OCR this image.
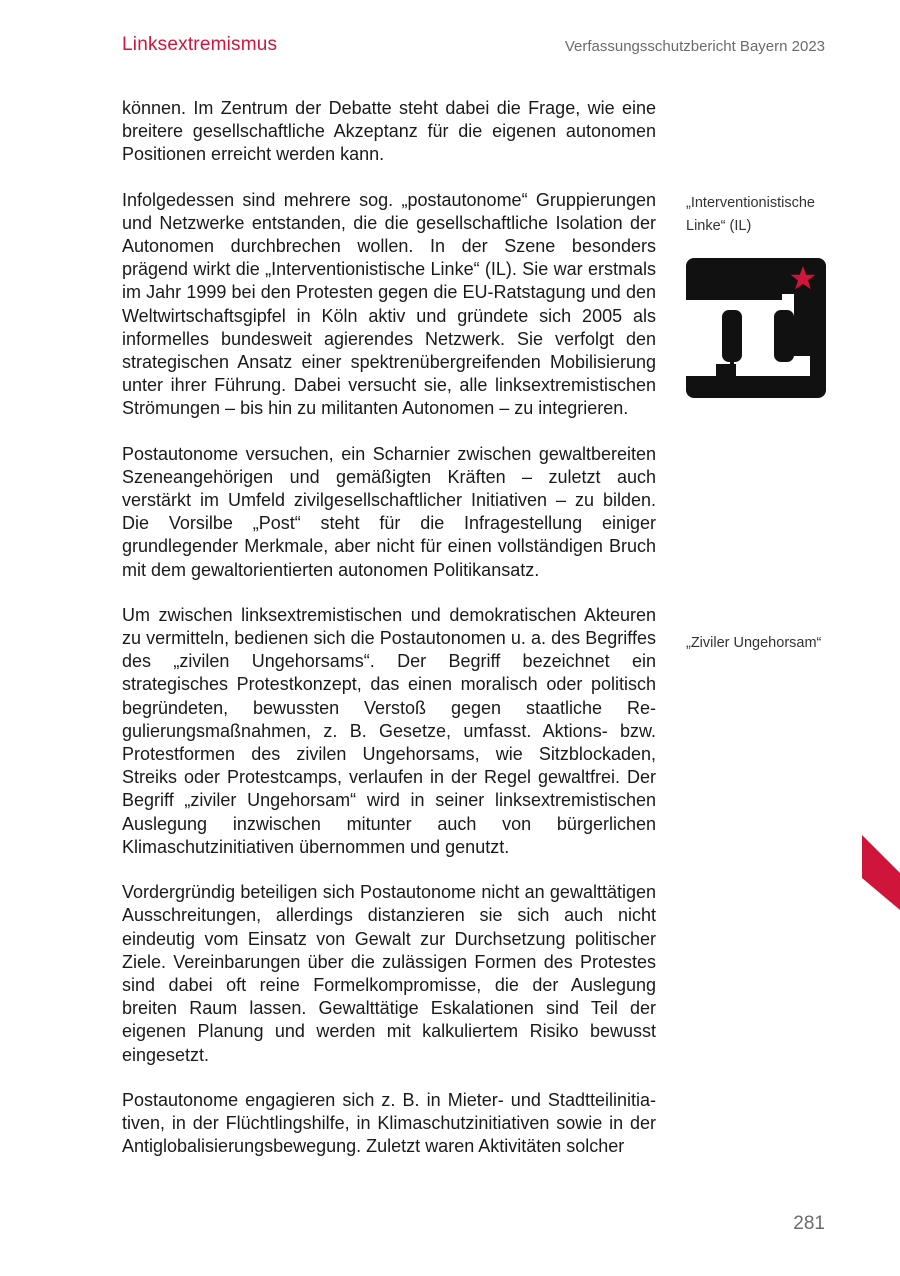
Linksextremismus	Verfassungsschutzbericht Bayern 2023

können. Im Zentrum der Debatte steht dabei die Frage, wie eine breitere gesellschaftliche Akzeptanz für die eigenen autonomen Positionen erreicht werden kann.

Infolgedessen sind mehrere sog. „postautonome“ Gruppierungen und Netzwerke entstanden, die die gesellschaftliche Isolation der Autonomen durchbrechen wollen. In der Szene besonders prägend wirkt die „Interventionistische Linke“ (IL). Sie war erstmals im Jahr 1999 bei den Protesten gegen die EU-Ratstagung und den Weltwirtschaftsgipfel in Köln aktiv und gründete sich 2005 als informelles bundesweit agierendes Netzwerk. Sie verfolgt den strategischen Ansatz einer spektrenübergreifenden Mobilisierung unter ihrer Führung. Dabei versucht sie, alle linksextremistischen Strömungen – bis hin zu militanten Autonomen – zu integrieren.

Postautonome versuchen, ein Scharnier zwischen gewaltbereiten Szeneangehörigen und gemäßigten Kräften – zuletzt auch verstärkt im Umfeld zivilgesellschaftlicher Initiativen – zu bilden. Die Vorsilbe „Post“ steht für die Infragestellung einiger grundlegender Merkmale, aber nicht für einen vollständigen Bruch mit dem gewaltorientierten autonomen Politikansatz.

Um zwischen linksextremistischen und demokratischen Akteuren zu vermitteln, bedienen sich die Postautonomen u. a. des Begriffes des „zivilen Ungehorsams“. Der Begriff bezeichnet ein strategisches Protestkonzept, das einen moralisch oder politisch begründeten, bewussten Verstoß gegen staatliche Regulierungsmaßnahmen, z. B. Gesetze, umfasst. Aktions- bzw. Protestformen des zivilen Ungehorsams, wie Sitzblockaden, Streiks oder Protestcamps, verlaufen in der Regel gewaltfrei. Der Begriff „ziviler Ungehorsam“ wird in seiner linksextremistischen Auslegung inzwischen mitunter auch von bürgerlichen Klimaschutzinitiativen übernommen und genutzt.

Vordergründig beteiligen sich Postautonome nicht an gewalttätigen Ausschreitungen, allerdings distanzieren sie sich auch nicht eindeutig vom Einsatz von Gewalt zur Durchsetzung politischer Ziele. Vereinbarungen über die zulässigen Formen des Protestes sind dabei oft reine Formelkompromisse, die der Auslegung breiten Raum lassen. Gewalttätige Eskalationen sind Teil der eigenen Planung und werden mit kalkuliertem Risiko bewusst eingesetzt.

Postautonome engagieren sich z. B. in Mieter- und Stadtteilinitiativen, in der Flüchtlingshilfe, in Klimaschutzinitiativen sowie in der Antiglobalisierungsbewegung. Zuletzt waren Aktivitäten solcher

„Interventionistische Linke“ (IL)
„Ziviler Ungehorsam“
281
